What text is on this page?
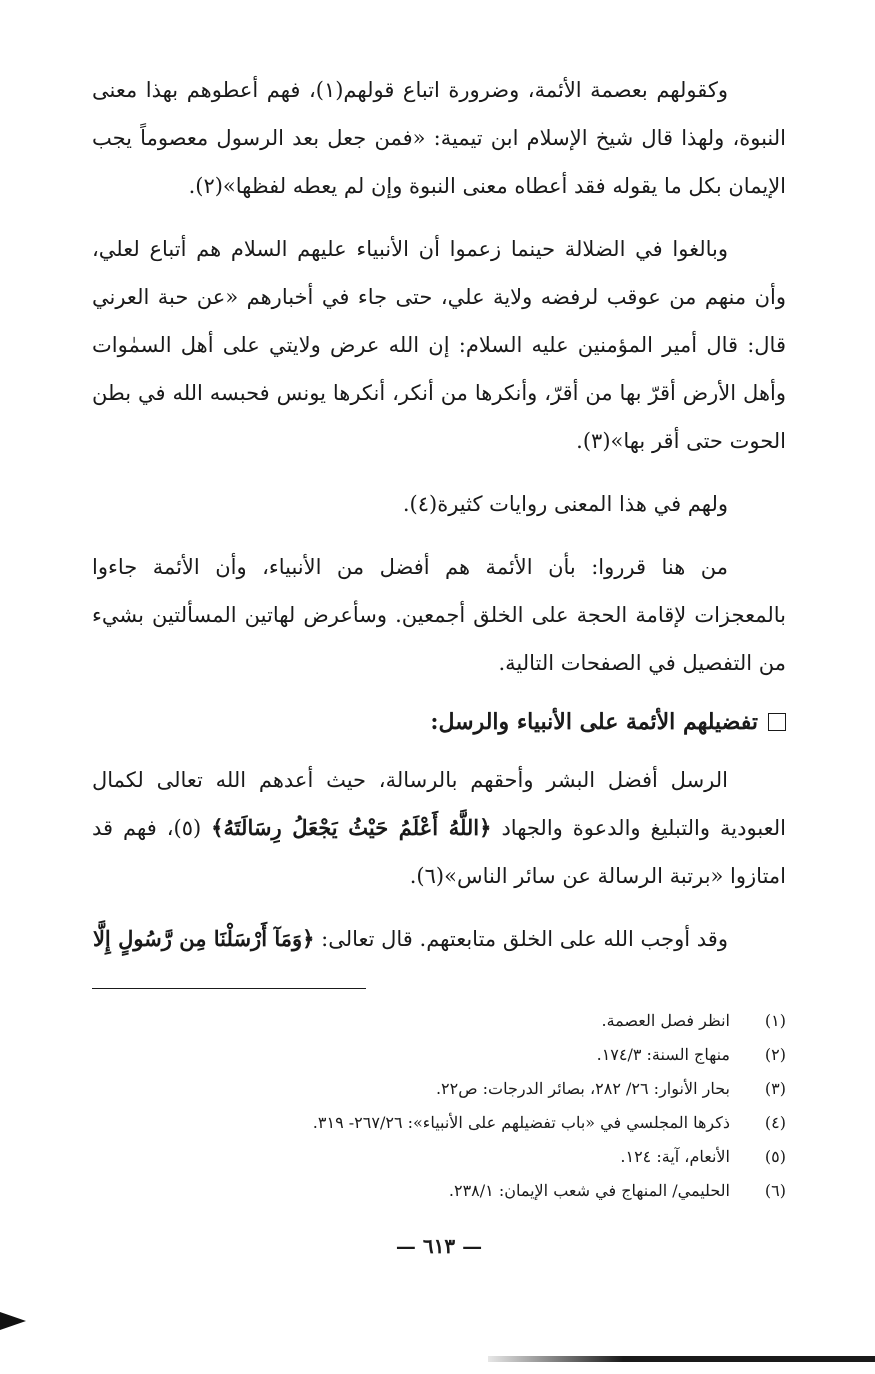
وكقولهم بعصمة الأئمة، وضرورة اتباع قولهم(١)، فهم أعطوهم بهذا معنى النبوة، ولهذا قال شيخ الإسلام ابن تيمية: «فمن جعل بعد الرسول معصوماً يجب الإيمان بكل ما يقوله فقد أعطاه معنى النبوة وإن لم يعطه لفظها»(٢).

وبالغوا في الضلالة حينما زعموا أن الأنبياء عليهم السلام هم أتباع لعلي، وأن منهم من عوقب لرفضه ولاية علي، حتى جاء في أخبارهم «عن حبة العرني قال: قال أمير المؤمنين عليه السلام: إن الله عرض ولايتي على أهل السمٰوات وأهل الأرض أقرّ بها من أقرّ، وأنكرها من أنكر، أنكرها يونس فحبسه الله في بطن الحوت حتى أقر بها»(٣).

ولهم في هذا المعنى روايات كثيرة(٤).

من هنا قرروا: بأن الأئمة هم أفضل من الأنبياء، وأن الأئمة جاءوا بالمعجزات لإقامة الحجة على الخلق أجمعين. وسأعرض لهاتين المسألتين بشيء من التفصيل في الصفحات التالية.

تفضيلهم الأئمة على الأنبياء والرسل:

الرسل أفضل البشر وأحقهم بالرسالة، حيث أعدهم الله تعالى لكمال العبودية والتبليغ والدعوة والجهاد ﴿اللَّهُ أَعْلَمُ حَيْثُ يَجْعَلُ رِسَالَتَهُ﴾ (٥)، فهم قد امتازوا «برتبة الرسالة عن سائر الناس»(٦).

وقد أوجب الله على الخلق متابعتهم. قال تعالى: ﴿وَمَآ أَرْسَلْنَا مِن رَّسُولٍ إِلَّا

(١)
انظر فصل العصمة.
(٢)
منهاج السنة: ١٧٤/٣.
(٣)
بحار الأنوار: ٢٦/ ٢٨٢، بصائر الدرجات: ص٢٢.
(٤)
ذكرها المجلسي في «باب تفضيلهم على الأنبياء»: ٢٦٧/٢٦- ٣١٩.
(٥)
الأنعام، آية: ١٢٤.
(٦)
الحليمي/ المنهاج في شعب الإيمان: ٢٣٨/١.
— ٦١٣ —
